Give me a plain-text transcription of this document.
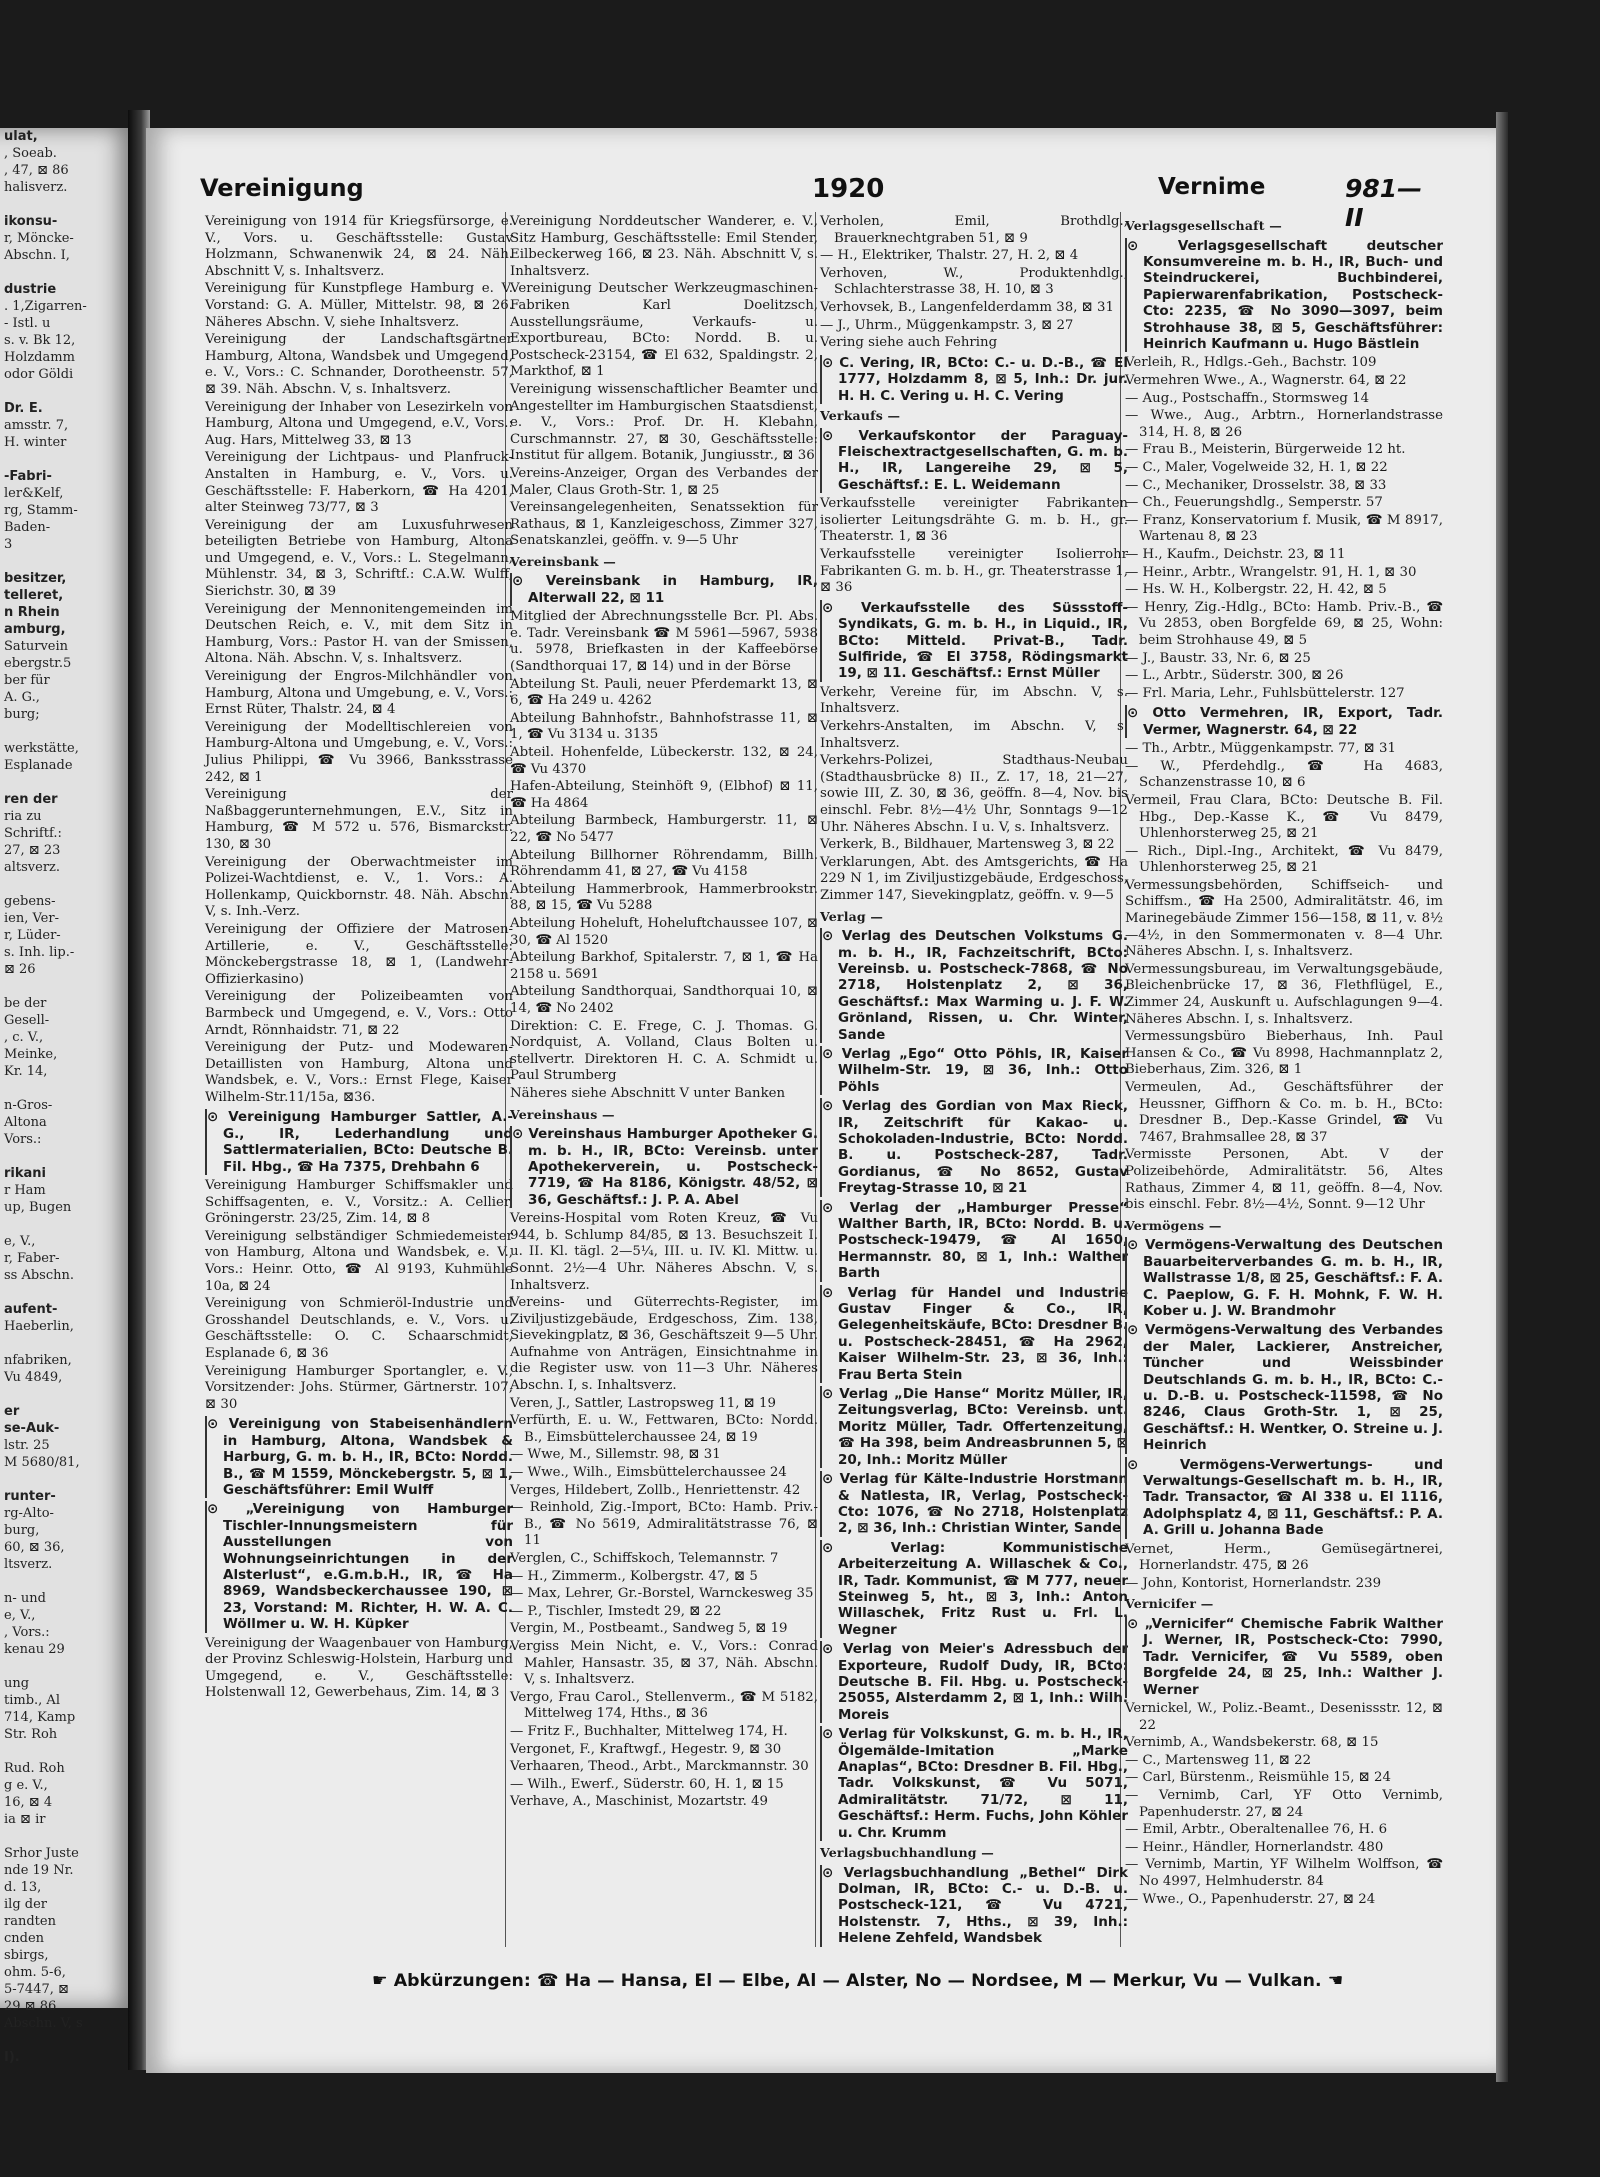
ulat,
, Soeab.
, 47, ⊠ 86
halisverz.
ikonsu-
r, Möncke-
Abschn. I,
dustrie
. 1,Zigarren-
- Istl. u
s. v. Bk 12,
Holzdamm
odor Göldi
Dr. E.
amsstr. 7,
H. winter
-Fabri-
ler&Kelf,
rg, Stamm-
Baden-
3
besitzer,
telleret,
n Rhein
amburg,
Saturvein
ebergstr.5
ber für
A. G.,
burg;
werkstätte,
Esplanade
ren der
ria zu
Schriftf.:
27, ⊠ 23
altsverz.
gebens-
ien, Ver-
r, Lüder-
s. Inh. lip.-
⊠ 26
be der
Gesell-
, c. V.,
Meinke,
Kr. 14,
n-Gros-
Altona
Vors.:
rikani
r Ham
up, Bugen
e, V.,
r, Faber-
ss Abschn.
aufent-
Haeberlin,
nfabriken,
Vu 4849,
er
se-Auk-
lstr. 25
M 5680/81,
runter-
rg-Alto-
burg,
60, ⊠ 36,
ltsverz.
n- und
e, V.,
, Vors.:
kenau 29
ung
timb., Al
714, Kamp
Str. Roh
Rud. Roh
g e. V.,
16, ⊠ 4
ia ⊠ ir
Srhor Juste
nde 19 Nr.
d. 13,
ilg der
randten
cnden
sbirgs,
ohm. 5-6,
5-7447, ⊠
29 ⊠ 86
Abschn. V, s
I).
Vereinigung	1920	Vernime	981—II

Vereinigung von 1914 für Kriegsfürsorge, e. V., Vors. u. Geschäftsstelle: Gustav Holzmann, Schwanenwik 24, ⊠ 24. Näh. Abschnitt V, s. Inhaltsverz.

Vereinigung für Kunstpflege Hamburg e. V. Vorstand: G. A. Müller, Mittelstr. 98, ⊠ 26. Näheres Abschn. V, siehe Inhaltsverz.

Vereinigung der Landschaftsgärtner Hamburg, Altona, Wandsbek und Umgegend, e. V., Vors.: C. Schnander, Dorotheenstr. 57, ⊠ 39. Näh. Abschn. V, s. Inhaltsverz.

Vereinigung der Inhaber von Lesezirkeln von Hamburg, Altona und Umgegend, e.V., Vors.: Aug. Hars, Mittelweg 33, ⊠ 13

Vereinigung der Lichtpaus- und Planfruck-Anstalten in Hamburg, e. V., Vors. u. Geschäftsstelle: F. Haberkorn, ☎ Ha 4201, alter Steinweg 73/77, ⊠ 3

Vereinigung der am Luxusfuhrwesen beteiligten Betriebe von Hamburg, Altona und Umgegend, e. V., Vors.: L. Stegelmann, Mühlenstr. 34, ⊠ 3, Schriftf.: C.A.W. Wulff, Sierichstr. 30, ⊠ 39

Vereinigung der Mennonitengemeinden im Deutschen Reich, e. V., mit dem Sitz in Hamburg, Vors.: Pastor H. van der Smissen, Altona. Näh. Abschn. V, s. Inhaltsverz.

Vereinigung der Engros-Milchhändler von Hamburg, Altona und Umgebung, e. V., Vors.: Ernst Rüter, Thalstr. 24, ⊠ 4

Vereinigung der Modelltischlereien von Hamburg-Altona und Umgebung, e. V., Vors.: Julius Philippi, ☎ Vu 3966, Banksstrasse 242, ⊠ 1

Vereinigung der Naßbaggerunternehmungen, E.V., Sitz in Hamburg, ☎ M 572 u. 576, Bismarckstr. 130, ⊠ 30

Vereinigung der Oberwachtmeister im Polizei-Wachtdienst, e. V., 1. Vors.: A. Hollenkamp, Quickbornstr. 48. Näh. Abschn. V, s. Inh.-Verz.

Vereinigung der Offiziere der Matrosen-Artillerie, e. V., Geschäftsstelle: Mönckebergstrasse 18, ⊠ 1, (Landwehr-Offizierkasino)

Vereinigung der Polizeibeamten von Barmbeck und Umgegend, e. V., Vors.: Otto Arndt, Rönnhaidstr. 71, ⊠ 22

Vereinigung der Putz- und Modewaren-Detaillisten von Hamburg, Altona und Wandsbek, e. V., Vors.: Ernst Flege, Kaiser Wilhelm-Str.11/15a, ⊠36.

⊙ Vereinigung Hamburger Sattler, A.-G., IR, Lederhandlung und Sattlermaterialien, BCto: Deutsche B. Fil. Hbg., ☎ Ha 7375, Drehbahn 6

Vereinigung Hamburger Schiffsmakler und Schiffsagenten, e. V., Vorsitz.: A. Cellier, Gröningerstr. 23/25, Zim. 14, ⊠ 8

Vereinigung selbständiger Schmiedemeister von Hamburg, Altona und Wandsbek, e. V., Vors.: Heinr. Otto, ☎ Al 9193, Kuhmühle 10a, ⊠ 24

Vereinigung von Schmieröl-Industrie und Grosshandel Deutschlands, e. V., Vors. u. Geschäftsstelle: O. C. Schaarschmidt, Esplanade 6, ⊠ 36

Vereinigung Hamburger Sportangler, e. V., Vorsitzender: Johs. Stürmer, Gärtnerstr. 107, ⊠ 30

⊙ Vereinigung von Stabeisenhändlern in Hamburg, Altona, Wandsbek & Harburg, G. m. b. H., IR, BCto: Nordd. B., ☎ M 1559, Mönckebergstr. 5, ⊠ 1, Geschäftsführer: Emil Wulff

⊙ „Vereinigung von Hamburger Tischler-Innungsmeistern für Ausstellungen von Wohnungseinrichtungen in der Alsterlust“, e.G.m.b.H., IR, ☎ Ha 8969, Wandsbeckerchaussee 190, ⊠ 23, Vorstand: M. Richter, H. W. A. C. Wöllmer u. W. H. Küpker

Vereinigung der Waagenbauer von Hamburg, der Provinz Schleswig-Holstein, Harburg und Umgegend, e. V., Geschäftsstelle: Holstenwall 12, Gewerbehaus, Zim. 14, ⊠ 3

Vereinigung Norddeutscher Wanderer, e. V., Sitz Hamburg, Geschäftsstelle: Emil Stender, Eilbeckerweg 166, ⊠ 23. Näh. Abschnitt V, s. Inhaltsverz.

Vereinigung Deutscher Werkzeugmaschinen-Fabriken Karl Doelitzsch, Ausstellungsräume, Verkaufs- u. Exportbureau, BCto: Nordd. B. u. Postscheck-23154, ☎ El 632, Spaldingstr. 2, Markthof, ⊠ 1

Vereinigung wissenschaftlicher Beamter und Angestellter im Hamburgischen Staatsdienst, e. V., Vors.: Prof. Dr. H. Klebahn, Curschmannstr. 27, ⊠ 30, Geschäftsstelle: Institut für allgem. Botanik, Jungiusstr., ⊠ 36

Vereins-Anzeiger, Organ des Verbandes der Maler, Claus Groth-Str. 1, ⊠ 25

Vereinsangelegenheiten, Senatssektion für Rathaus, ⊠ 1, Kanzleigeschoss, Zimmer 327, Senatskanzlei, geöffn. v. 9—5 Uhr

Vereinsbank —

⊙ Vereinsbank in Hamburg, IR, Alterwall 22, ⊠ 11

Mitglied der Abrechnungsstelle Bcr. Pl. Abs. e. Tadr. Vereinsbank ☎ M 5961—5967, 5938 u. 5978, Briefkasten in der Kaffeebörse (Sandthorquai 17, ⊠ 14) und in der Börse

Abteilung St. Pauli, neuer Pferdemarkt 13, ⊠ 6, ☎ Ha 249 u. 4262

Abteilung Bahnhofstr., Bahnhofstrasse 11, ⊠ 1, ☎ Vu 3134 u. 3135

Abteil. Hohenfelde, Lübeckerstr. 132, ⊠ 24, ☎ Vu 4370

Hafen-Abteilung, Steinhöft 9, (Elbhof) ⊠ 11, ☎ Ha 4864

Abteilung Barmbeck, Hamburgerstr. 11, ⊠ 22, ☎ No 5477

Abteilung Billhorner Röhrendamm, Billh. Röhrendamm 41, ⊠ 27, ☎ Vu 4158

Abteilung Hammerbrook, Hammerbrookstr. 88, ⊠ 15, ☎ Vu 5288

Abteilung Hoheluft, Hoheluftchaussee 107, ⊠ 30, ☎ Al 1520

Abteilung Barkhof, Spitalerstr. 7, ⊠ 1, ☎ Ha 2158 u. 5691

Abteilung Sandthorquai, Sandthorquai 10, ⊠ 14, ☎ No 2402

Direktion: C. E. Frege, C. J. Thomas. G. Nordquist, A. Volland, Claus Bolten u. stellvertr. Direktoren H. C. A. Schmidt u. Paul Strumberg

Näheres siehe Abschnitt V unter Banken

Vereinshaus —

⊙ Vereinshaus Hamburger Apotheker G. m. b. H., IR, BCto: Vereinsb. unter Apothekerverein, u. Postscheck-7719, ☎ Ha 8186, Königstr. 48/52, ⊠ 36, Geschäftsf.: J. P. A. Abel

Vereins-Hospital vom Roten Kreuz, ☎ Vu 944, b. Schlump 84/85, ⊠ 13. Besuchszeit I. u. II. Kl. tägl. 2—5¼, III. u. IV. Kl. Mittw. u. Sonnt. 2½—4 Uhr. Näheres Abschn. V, s. Inhaltsverz.

Vereins- und Güterrechts-Register, im Ziviljustizgebäude, Erdgeschoss, Zim. 138, Sievekingplatz, ⊠ 36, Geschäftszeit 9—5 Uhr. Aufnahme von Anträgen, Einsichtnahme in die Register usw. von 11—3 Uhr. Näheres Abschn. I, s. Inhaltsverz.

Veren, J., Sattler, Lastropsweg 11, ⊠ 19

Verfürth, E. u. W., Fettwaren, BCto: Nordd. B., Eimsbüttelerchaussee 24, ⊠ 19

— Wwe, M., Sillemstr. 98, ⊠ 31

— Wwe., Wilh., Eimsbüttelerchaussee 24

Verges, Hildebert, Zollb., Henriettenstr. 42

— Reinhold, Zig.-Import, BCto: Hamb. Priv.-B., ☎ No 5619, Admiralitätstrasse 76, ⊠ 11

Verglen, C., Schiffskoch, Telemannstr. 7

— H., Zimmerm., Kolbergstr. 47, ⊠ 5

— Max, Lehrer, Gr.-Borstel, Warnckesweg 35

— P., Tischler, Imstedt 29, ⊠ 22

Vergin, M., Postbeamt., Sandweg 5, ⊠ 19

Vergiss Mein Nicht, e. V., Vors.: Conrad Mahler, Hansastr. 35, ⊠ 37, Näh. Abschn. V, s. Inhaltsverz.

Vergo, Frau Carol., Stellenverm., ☎ M 5182, Mittelweg 174, Hths., ⊠ 36

— Fritz F., Buchhalter, Mittelweg 174, H.

Vergonet, F., Kraftwgf., Hegestr. 9, ⊠ 30

Verhaaren, Theod., Arbt., Marckmannstr. 30

— Wilh., Ewerf., Süderstr. 60, H. 1, ⊠ 15

Verhave, A., Maschinist, Mozartstr. 49

Verholen, Emil, Brothdlg., Brauerknechtgraben 51, ⊠ 9

— H., Elektriker, Thalstr. 27, H. 2, ⊠ 4

Verhoven, W., Produktenhdlg., Schlachterstrasse 38, H. 10, ⊠ 3

Verhovsek, B., Langenfelderdamm 38, ⊠ 31

— J., Uhrm., Müggenkampstr. 3, ⊠ 27

Vering siehe auch Fehring

⊙ C. Vering, IR, BCto: C.- u. D.-B., ☎ El 1777, Holzdamm 8, ⊠ 5, Inh.: Dr. jur. H. H. C. Vering u. H. C. Vering

Verkaufs —

⊙ Verkaufskontor der Paraguay-Fleischextractgesellschaften, G. m. b. H., IR, Langereihe 29, ⊠ 5, Geschäftsf.: E. L. Weidemann

Verkaufsstelle vereinigter Fabrikanten isolierter Leitungsdrähte G. m. b. H., gr. Theaterstr. 1, ⊠ 36

Verkaufsstelle vereinigter Isolierrohr Fabrikanten G. m. b. H., gr. Theaterstrasse 1, ⊠ 36

⊙ Verkaufsstelle des Süssstoff-Syndikats, G. m. b. H., in Liquid., IR, BCto: Mitteld. Privat-B., Tadr. Sulfiride, ☎ El 3758, Rödingsmarkt 19, ⊠ 11. Geschäftsf.: Ernst Müller

Verkehr, Vereine für, im Abschn. V, s. Inhaltsverz.

Verkehrs-Anstalten, im Abschn. V, s. Inhaltsverz.

Verkehrs-Polizei, Stadthaus-Neubau (Stadthausbrücke 8) II., Z. 17, 18, 21—27, sowie III, Z. 30, ⊠ 36, geöffn. 8—4, Nov. bis einschl. Febr. 8½—4½ Uhr, Sonntags 9—12 Uhr. Näheres Abschn. I u. V, s. Inhaltsverz.

Verkerk, B., Bildhauer, Martensweg 3, ⊠ 22

Verklarungen, Abt. des Amtsgerichts, ☎ Ha 229 N 1, im Ziviljustizgebäude, Erdgeschoss, Zimmer 147, Sievekingplatz, geöffn. v. 9—5

Verlag —

⊙ Verlag des Deutschen Volkstums G. m. b. H., IR, Fachzeitschrift, BCto: Vereinsb. u. Postscheck-7868, ☎ No 2718, Holstenplatz 2, ⊠ 36, Geschäftsf.: Max Warming u. J. F. W. Grönland, Rissen, u. Chr. Winter, Sande

⊙ Verlag „Ego“ Otto Pöhls, IR, Kaiser Wilhelm-Str. 19, ⊠ 36, Inh.: Otto Pöhls

⊙ Verlag des Gordian von Max Rieck, IR, Zeitschrift für Kakao- u. Schokoladen-Industrie, BCto: Nordd. B. u. Postscheck-287, Tadr. Gordianus, ☎ No 8652, Gustav Freytag-Strasse 10, ⊠ 21

⊙ Verlag der „Hamburger Presse“ Walther Barth, IR, BCto: Nordd. B. u. Postscheck-19479, ☎ Al 1650, Hermannstr. 80, ⊠ 1, Inh.: Walther Barth

⊙ Verlag für Handel und Industrie Gustav Finger & Co., IR, Gelegenheitskäufe, BCto: Dresdner B. u. Postscheck-28451, ☎ Ha 2962, Kaiser Wilhelm-Str. 23, ⊠ 36, Inh.: Frau Berta Stein

⊙ Verlag „Die Hanse“ Moritz Müller, IR, Zeitungsverlag, BCto: Vereinsb. unt. Moritz Müller, Tadr. Offertenzeitung, ☎ Ha 398, beim Andreasbrunnen 5, ⊠ 20, Inh.: Moritz Müller

⊙ Verlag für Kälte-Industrie Horstmann & Natlesta, IR, Verlag, Postscheck-Cto: 1076, ☎ No 2718, Holstenplatz 2, ⊠ 36, Inh.: Christian Winter, Sande

⊙ Verlag: Kommunistische Arbeiterzeitung A. Willaschek & Co., IR, Tadr. Kommunist, ☎ M 777, neuer Steinweg 5, ht., ⊠ 3, Inh.: Anton Willaschek, Fritz Rust u. Frl. L. Wegner

⊙ Verlag von Meier's Adressbuch der Exporteure, Rudolf Dudy, IR, BCto: Deutsche B. Fil. Hbg. u. Postscheck-25055, Alsterdamm 2, ⊠ 1, Inh.: Wilh. Moreis

⊙ Verlag für Volkskunst, G. m. b. H., IR, Ölgemälde-Imitation „Marke Anaplas“, BCto: Dresdner B. Fil. Hbg., Tadr. Volkskunst, ☎ Vu 5071, Admiralitätstr. 71/72, ⊠ 11, Geschäftsf.: Herm. Fuchs, John Köhler u. Chr. Krumm

Verlagsbuchhandlung —

⊙ Verlagsbuchhandlung „Bethel“ Dirk Dolman, IR, BCto: C.- u. D.-B. u. Postscheck-121, ☎ Vu 4721, Holstenstr. 7, Hths., ⊠ 39, Inh.: Helene Zehfeld, Wandsbek

Verlagsgesellschaft —

⊙ Verlagsgesellschaft deutscher Konsumvereine m. b. H., IR, Buch- und Steindruckerei, Buchbinderei, Papierwarenfabrikation, Postscheck-Cto: 2235, ☎ No 3090—3097, beim Strohhause 38, ⊠ 5, Geschäftsführer: Heinrich Kaufmann u. Hugo Bästlein

Verleih, R., Hdlgs.-Geh., Bachstr. 109

Vermehren Wwe., A., Wagnerstr. 64, ⊠ 22

— Aug., Postschaffn., Stormsweg 14

— Wwe., Aug., Arbtrn., Hornerlandstrasse 314, H. 8, ⊠ 26

— Frau B., Meisterin, Bürgerweide 12 ht.

— C., Maler, Vogelweide 32, H. 1, ⊠ 22

— C., Mechaniker, Drosselstr. 38, ⊠ 33

— Ch., Feuerungshdlg., Semperstr. 57

— Franz, Konservatorium f. Musik, ☎ M 8917, Wartenau 8, ⊠ 23

— H., Kaufm., Deichstr. 23, ⊠ 11

— Heinr., Arbtr., Wrangelstr. 91, H. 1, ⊠ 30

— Hs. W. H., Kolbergstr. 22, H. 42, ⊠ 5

— Henry, Zig.-Hdlg., BCto: Hamb. Priv.-B., ☎ Vu 2853, oben Borgfelde 69, ⊠ 25, Wohn: beim Strohhause 49, ⊠ 5

— J., Baustr. 33, Nr. 6, ⊠ 25

— L., Arbtr., Süderstr. 300, ⊠ 26

— Frl. Maria, Lehr., Fuhlsbüttelerstr. 127

⊙ Otto Vermehren, IR, Export, Tadr. Vermer, Wagnerstr. 64, ⊠ 22

— Th., Arbtr., Müggenkampstr. 77, ⊠ 31

— W., Pferdehdlg., ☎ Ha 4683, Schanzenstrasse 10, ⊠ 6

Vermeil, Frau Clara, BCto: Deutsche B. Fil. Hbg., Dep.-Kasse K., ☎ Vu 8479, Uhlenhorsterweg 25, ⊠ 21

— Rich., Dipl.-Ing., Architekt, ☎ Vu 8479, Uhlenhorsterweg 25, ⊠ 21

Vermessungsbehörden, Schiffseich- und Schiffsm., ☎ Ha 2500, Admiralitätstr. 46, im Marinegebäude Zimmer 156—158, ⊠ 11, v. 8½—4½, in den Sommermonaten v. 8—4 Uhr. Näheres Abschn. I, s. Inhaltsverz.

Vermessungsbureau, im Verwaltungsgebäude, Bleichenbrücke 17, ⊠ 36, Flethflügel, E., Zimmer 24, Auskunft u. Aufschlagungen 9—4. Näheres Abschn. I, s. Inhaltsverz.

Vermessungsbüro Bieberhaus, Inh. Paul Hansen & Co., ☎ Vu 8998, Hachmannplatz 2, Bieberhaus, Zim. 326, ⊠ 1

Vermeulen, Ad., Geschäftsführer der Heussner, Giffhorn & Co. m. b. H., BCto: Dresdner B., Dep.-Kasse Grindel, ☎ Vu 7467, Brahmsallee 28, ⊠ 37

Vermisste Personen, Abt. V der Polizeibehörde, Admiralitätstr. 56, Altes Rathaus, Zimmer 4, ⊠ 11, geöffn. 8—4, Nov. bis einschl. Febr. 8½—4½, Sonnt. 9—12 Uhr

Vermögens —

⊙ Vermögens-Verwaltung des Deutschen Bauarbeiterverbandes G. m. b. H., IR, Wallstrasse 1/8, ⊠ 25, Geschäftsf.: F. A. C. Paeplow, G. F. H. Mohnk, F. W. H. Kober u. J. W. Brandmohr

⊙ Vermögens-Verwaltung des Verbandes der Maler, Lackierer, Anstreicher, Tüncher und Weissbinder Deutschlands G. m. b. H., IR, BCto: C.- u. D.-B. u. Postscheck-11598, ☎ No 8246, Claus Groth-Str. 1, ⊠ 25, Geschäftsf.: H. Wentker, O. Streine u. J. Heinrich

⊙ Vermögens-Verwertungs- und Verwaltungs-Gesellschaft m. b. H., IR, Tadr. Transactor, ☎ Al 338 u. El 1116, Adolphsplatz 4, ⊠ 11, Geschäftsf.: P. A. A. Grill u. Johanna Bade

Vernet, Herm., Gemüsegärtnerei, Hornerlandstr. 475, ⊠ 26

— John, Kontorist, Hornerlandstr. 239

Vernicifer —

⊙ „Vernicifer“ Chemische Fabrik Walther J. Werner, IR, Postscheck-Cto: 7990, Tadr. Vernicifer, ☎ Vu 5589, oben Borgfelde 24, ⊠ 25, Inh.: Walther J. Werner

Vernickel, W., Poliz.-Beamt., Desenissstr. 12, ⊠ 22

Vernimb, A., Wandsbekerstr. 68, ⊠ 15

— C., Martensweg 11, ⊠ 22

— Carl, Bürstenm., Reismühle 15, ⊠ 24

— Vernimb, Carl, YF Otto Vernimb, Papenhuderstr. 27, ⊠ 24

— Emil, Arbtr., Oberaltenallee 76, H. 6

— Heinr., Händler, Hornerlandstr. 480

— Vernimb, Martin, YF Wilhelm Wolffson, ☎ No 4997, Helmhuderstr. 84

— Wwe., O., Papenhuderstr. 27, ⊠ 24

☛ Abkürzungen: ☎ Ha — Hansa, El — Elbe, Al — Alster, No — Nordsee, M — Merkur, Vu — Vulkan. ☚
